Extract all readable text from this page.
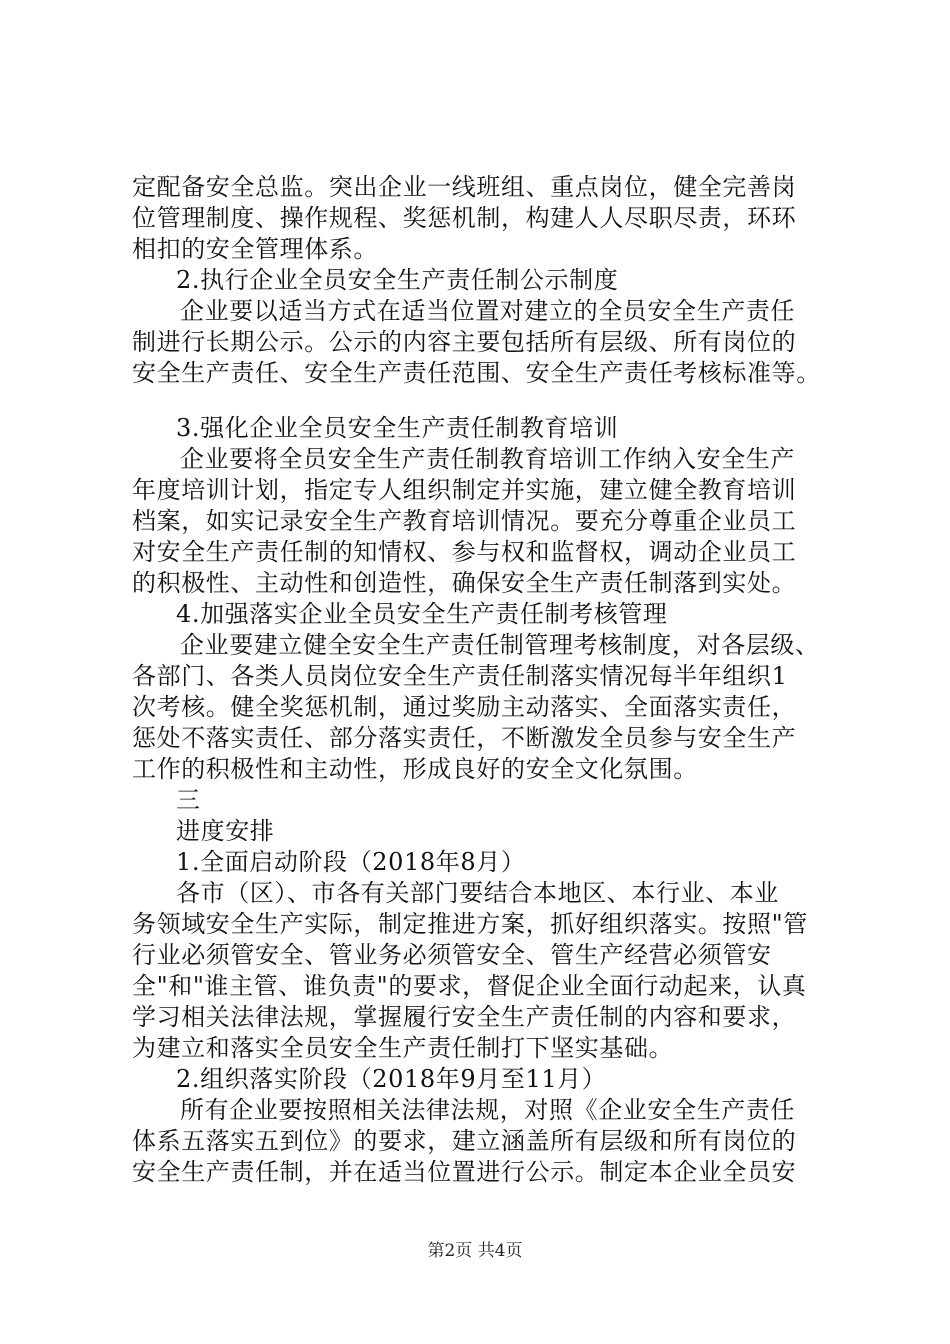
定配备安全总监。突出企业一线班组、重点岗位，健全完善岗
位管理制度、操作规程、奖惩机制，构建人人尽职尽责，环环
相扣的安全管理体系。
2.执行企业全员安全生产责任制公示制度
企业要以适当方式在适当位置对建立的全员安全生产责任
制进行长期公示。公示的内容主要包括所有层级、所有岗位的
安全生产责任、安全生产责任范围、安全生产责任考核标准等。
3.强化企业全员安全生产责任制教育培训
企业要将全员安全生产责任制教育培训工作纳入安全生产
年度培训计划，指定专人组织制定并实施，建立健全教育培训
档案，如实记录安全生产教育培训情况。要充分尊重企业员工
对安全生产责任制的知情权、参与权和监督权，调动企业员工
的积极性、主动性和创造性，确保安全生产责任制落到实处。
4.加强落实企业全员安全生产责任制考核管理
企业要建立健全安全生产责任制管理考核制度，对各层级、
各部门、各类人员岗位安全生产责任制落实情况每半年组织1
次考核。健全奖惩机制，通过奖励主动落实、全面落实责任，
惩处不落实责任、部分落实责任，不断激发全员参与安全生产
工作的积极性和主动性，形成良好的安全文化氛围。
三
进度安排
1.全面启动阶段（2018年8月）
各市（区）、市各有关部门要结合本地区、本行业、本业
务领域安全生产实际，制定推进方案，抓好组织落实。按照"管
行业必须管安全、管业务必须管安全、管生产经营必须管安
全"和"谁主管、谁负责"的要求，督促企业全面行动起来，认真
学习相关法律法规，掌握履行安全生产责任制的内容和要求，
为建立和落实全员安全生产责任制打下坚实基础。
2.组织落实阶段（2018年9月至11月）
所有企业要按照相关法律法规，对照《企业安全生产责任
体系五落实五到位》的要求，建立涵盖所有层级和所有岗位的
安全生产责任制，并在适当位置进行公示。制定本企业全员安
第2页 共4页
